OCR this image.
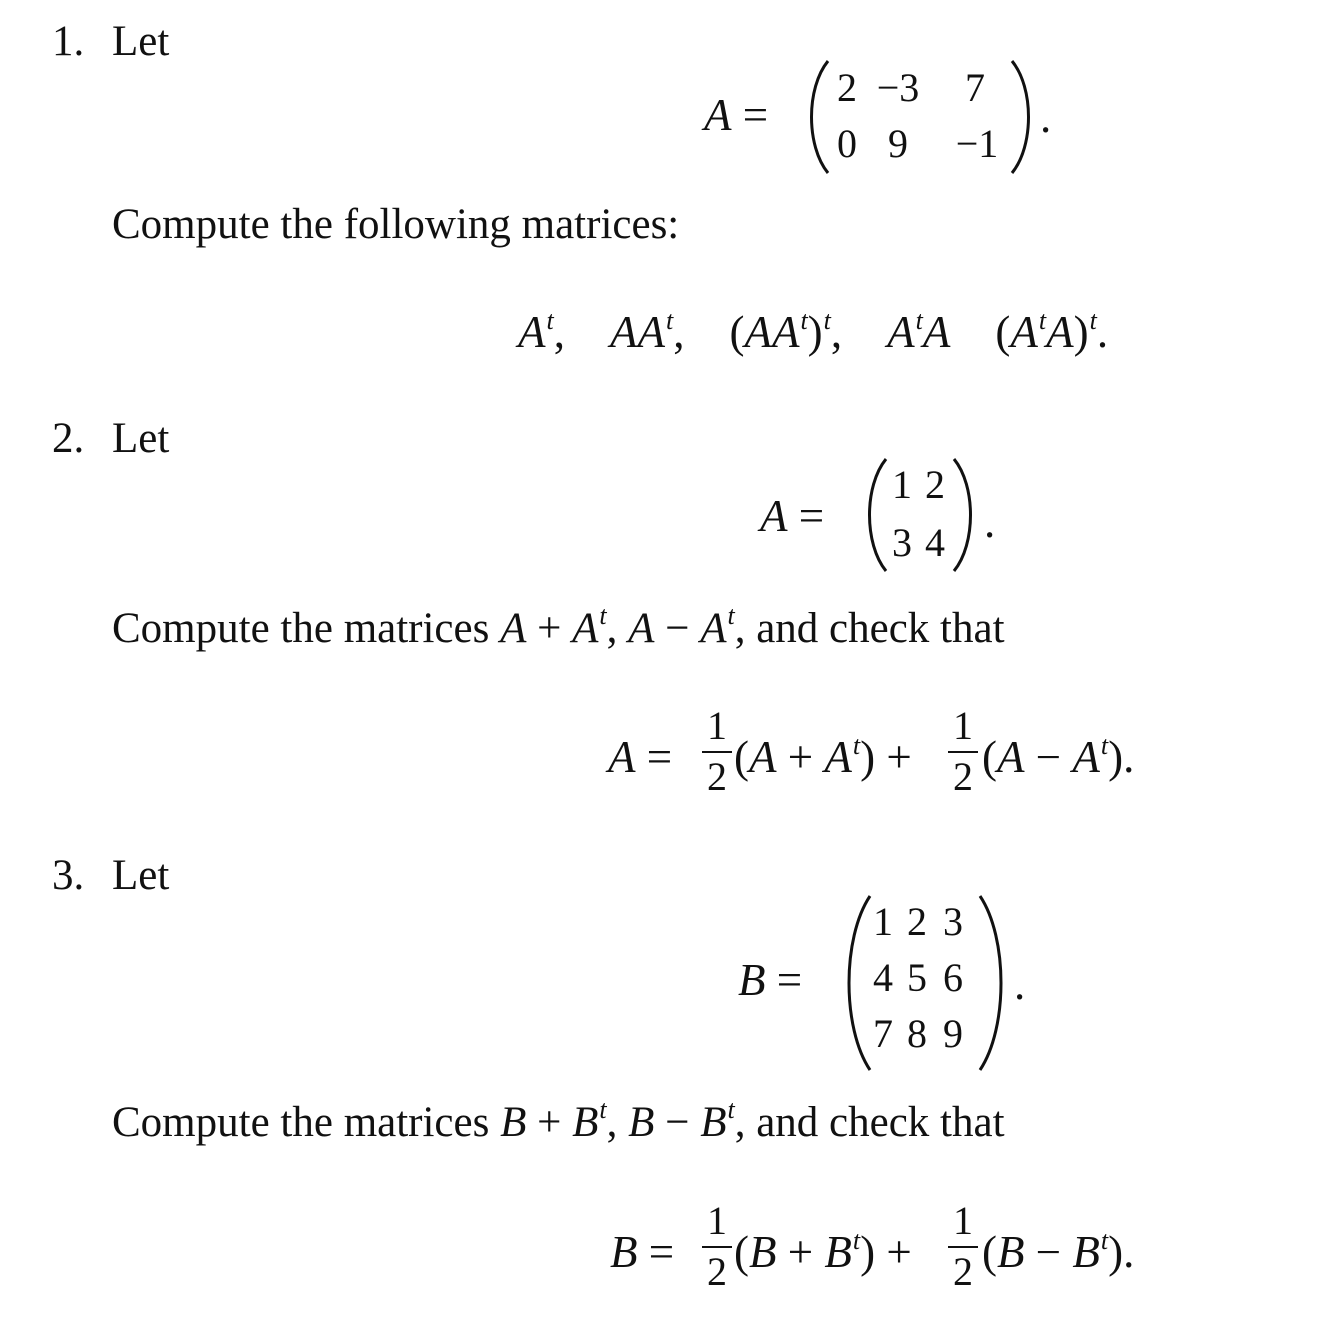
1. Let
A =
2 −3	7
0 9	−1
.
Compute the following matrices:
$A^t$,    $AA^t$,    $(AA^t)^t$,    $A^tA$    $(A^tA)^t$.
2. Let
A =
1 2
3 4 .
Compute the matrices $A + A^t$, $A - A^t$, and check that
A =
1
2 $(A + A^t)$ +
1
2 $(A - A^t)$.
3. Let
B =
1 2 3
4 5 6
7 8 9
.
Compute the matrices $B + B^t$, $B - B^t$, and check that
B =
1
2 $(B + B^t)$ +
1
2 $(B - B^t)$.
